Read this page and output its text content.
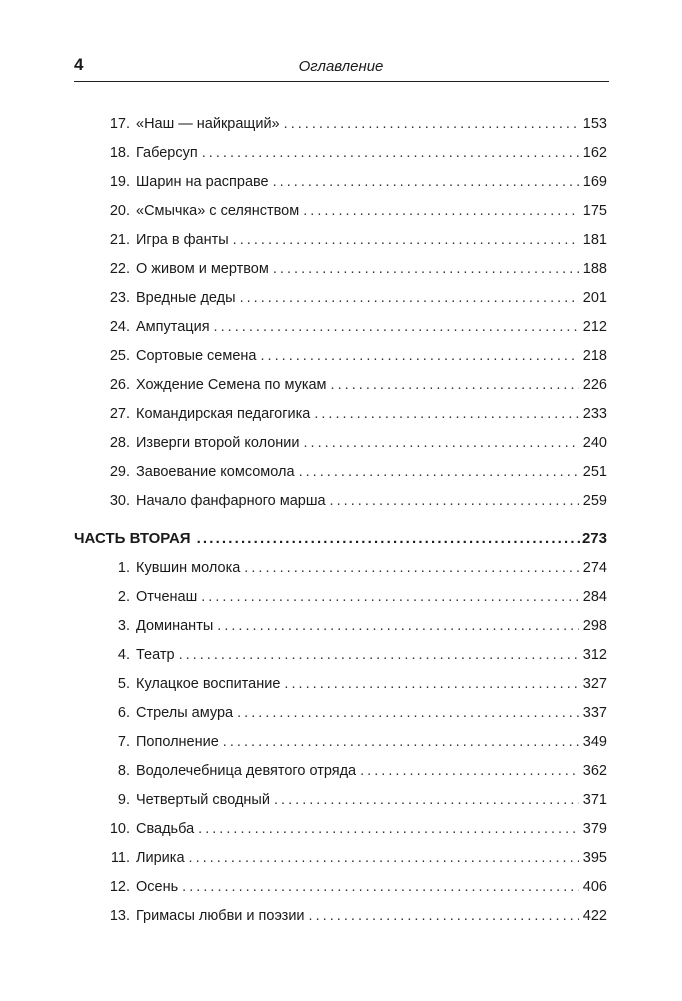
4	Оглавление
17. «Наш — найкращий» . . .	153
18. Габерсуп . . .	162
19. Шарин на расправе . . .	169
20. «Смычка» с селянством . . .	175
21. Игра в фанты . . .	181
22. О живом и мертвом . . .	188
23. Вредные деды . . .	201
24. Ампутация . . .	212
25. Сортовые семена . . .	218
26. Хождение Семена по мукам . . .	226
27. Командирская педагогика . . .	233
28. Изверги второй колонии . . .	240
29. Завоевание комсомола . . .	251
30. Начало фанфарного марша . . .	259
ЧАСТЬ ВТОРАЯ . . .	273
1. Кувшин молока . . .	274
2. Отченаш . . .	284
3. Доминанты . . .	298
4. Театр . . .	312
5. Кулацкое воспитание . . .	327
6. Стрелы амура . . .	337
7. Пополнение . . .	349
8. Водолечебница девятого отряда . . .	362
9. Четвертый сводный . . .	371
10. Свадьба . . .	379
11. Лирика . . .	395
12. Осень . . .	406
13. Гримасы любви и поэзии . . .	422
